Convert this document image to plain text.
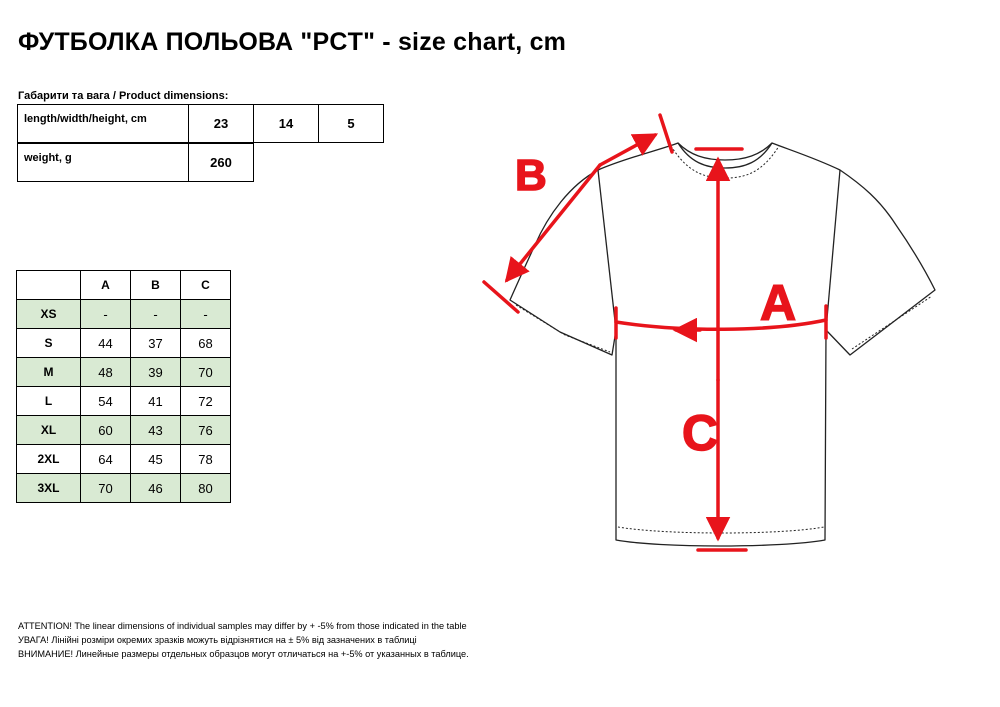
ФУТБОЛКА ПОЛЬОВА "PCT" - size chart, cm
Габарити та вага / Product dimensions:
length/width/height, cm	23	14	5
weight, g	260
	A	B	C
XS	-	-	-
S	44	37	68
M	48	39	70
L	54	41	72
XL	60	43	76
2XL	64	45	78
3XL	70	46	80
B
A
C
ATTENTION! The linear dimensions of individual samples may differ by + -5% from those indicated in the table
УВАГА! Лінійні розміри окремих зразків можуть відрізнятися на ± 5% від зазначених в таблиці
ВНИМАНИЕ! Линейные размеры отдельных образцов могут отличаться на +-5% от указанных в таблице.
